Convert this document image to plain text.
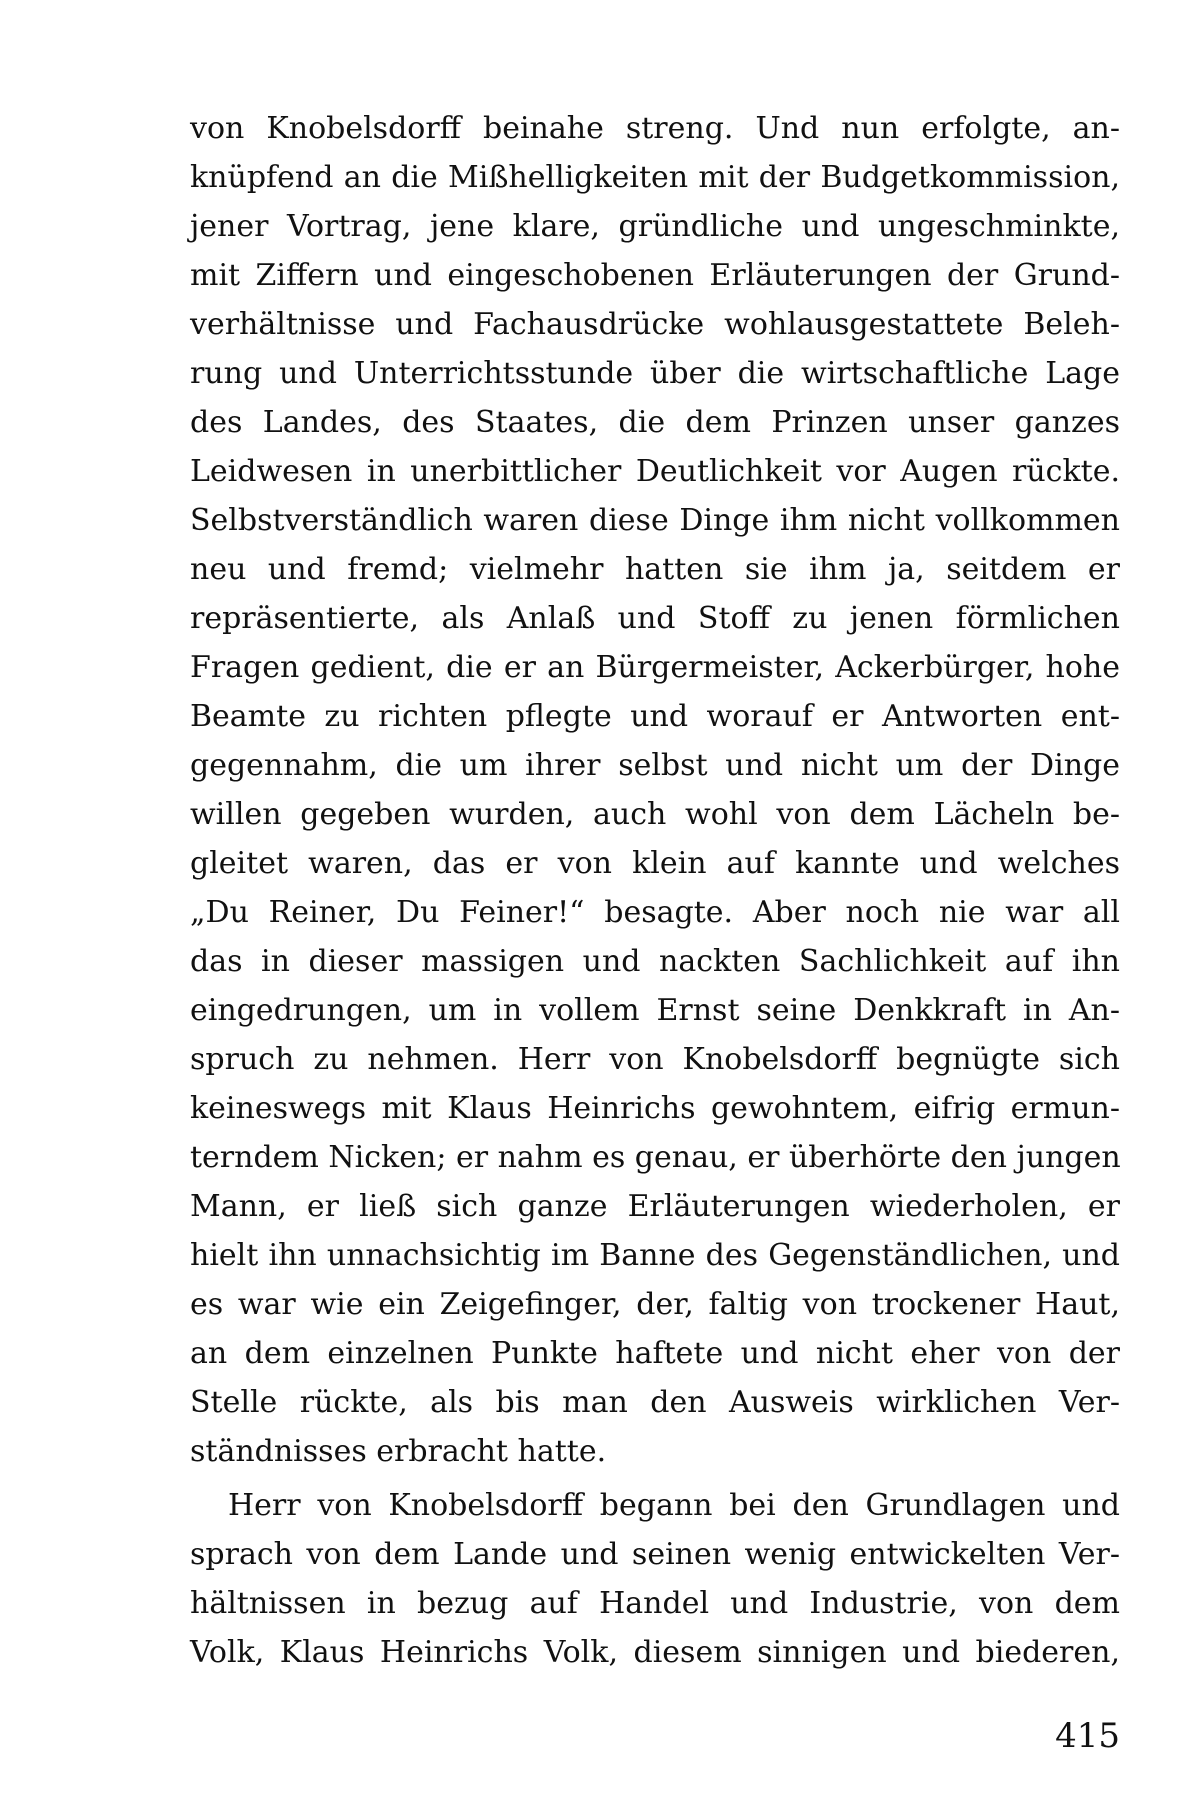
von Knobelsdorff beinahe streng. Und nun erfolgte, an-
knüpfend an die Mißhelligkeiten mit der Budgetkommission,
jener Vortrag, jene klare, gründliche und ungeschminkte,
mit Ziffern und eingeschobenen Erläuterungen der Grund-
verhältnisse und Fachausdrücke wohlausgestattete Beleh-
rung und Unterrichtsstunde über die wirtschaftliche Lage
des Landes, des Staates, die dem Prinzen unser ganzes
Leidwesen in unerbittlicher Deutlichkeit vor Augen rückte.
Selbstverständlich waren diese Dinge ihm nicht vollkommen
neu und fremd; vielmehr hatten sie ihm ja, seitdem er
repräsentierte, als Anlaß und Stoff zu jenen förmlichen
Fragen gedient, die er an Bürgermeister, Ackerbürger, hohe
Beamte zu richten pflegte und worauf er Antworten ent-
gegennahm, die um ihrer selbst und nicht um der Dinge
willen gegeben wurden, auch wohl von dem Lächeln be-
gleitet waren, das er von klein auf kannte und welches
„Du Reiner, Du Feiner!“ besagte. Aber noch nie war all
das in dieser massigen und nackten Sachlichkeit auf ihn
eingedrungen, um in vollem Ernst seine Denkkraft in An-
spruch zu nehmen. Herr von Knobelsdorff begnügte sich
keineswegs mit Klaus Heinrichs gewohntem, eifrig ermun-
terndem Nicken; er nahm es genau, er überhörte den jungen
Mann, er ließ sich ganze Erläuterungen wiederholen, er
hielt ihn unnachsichtig im Banne des Gegenständlichen, und
es war wie ein Zeigefinger, der, faltig von trockener Haut,
an dem einzelnen Punkte haftete und nicht eher von der
Stelle rückte, als bis man den Ausweis wirklichen Ver-
ständnisses erbracht hatte.
Herr von Knobelsdorff begann bei den Grundlagen und
sprach von dem Lande und seinen wenig entwickelten Ver-
hältnissen in bezug auf Handel und Industrie, von dem
Volk, Klaus Heinrichs Volk, diesem sinnigen und biederen,
415
